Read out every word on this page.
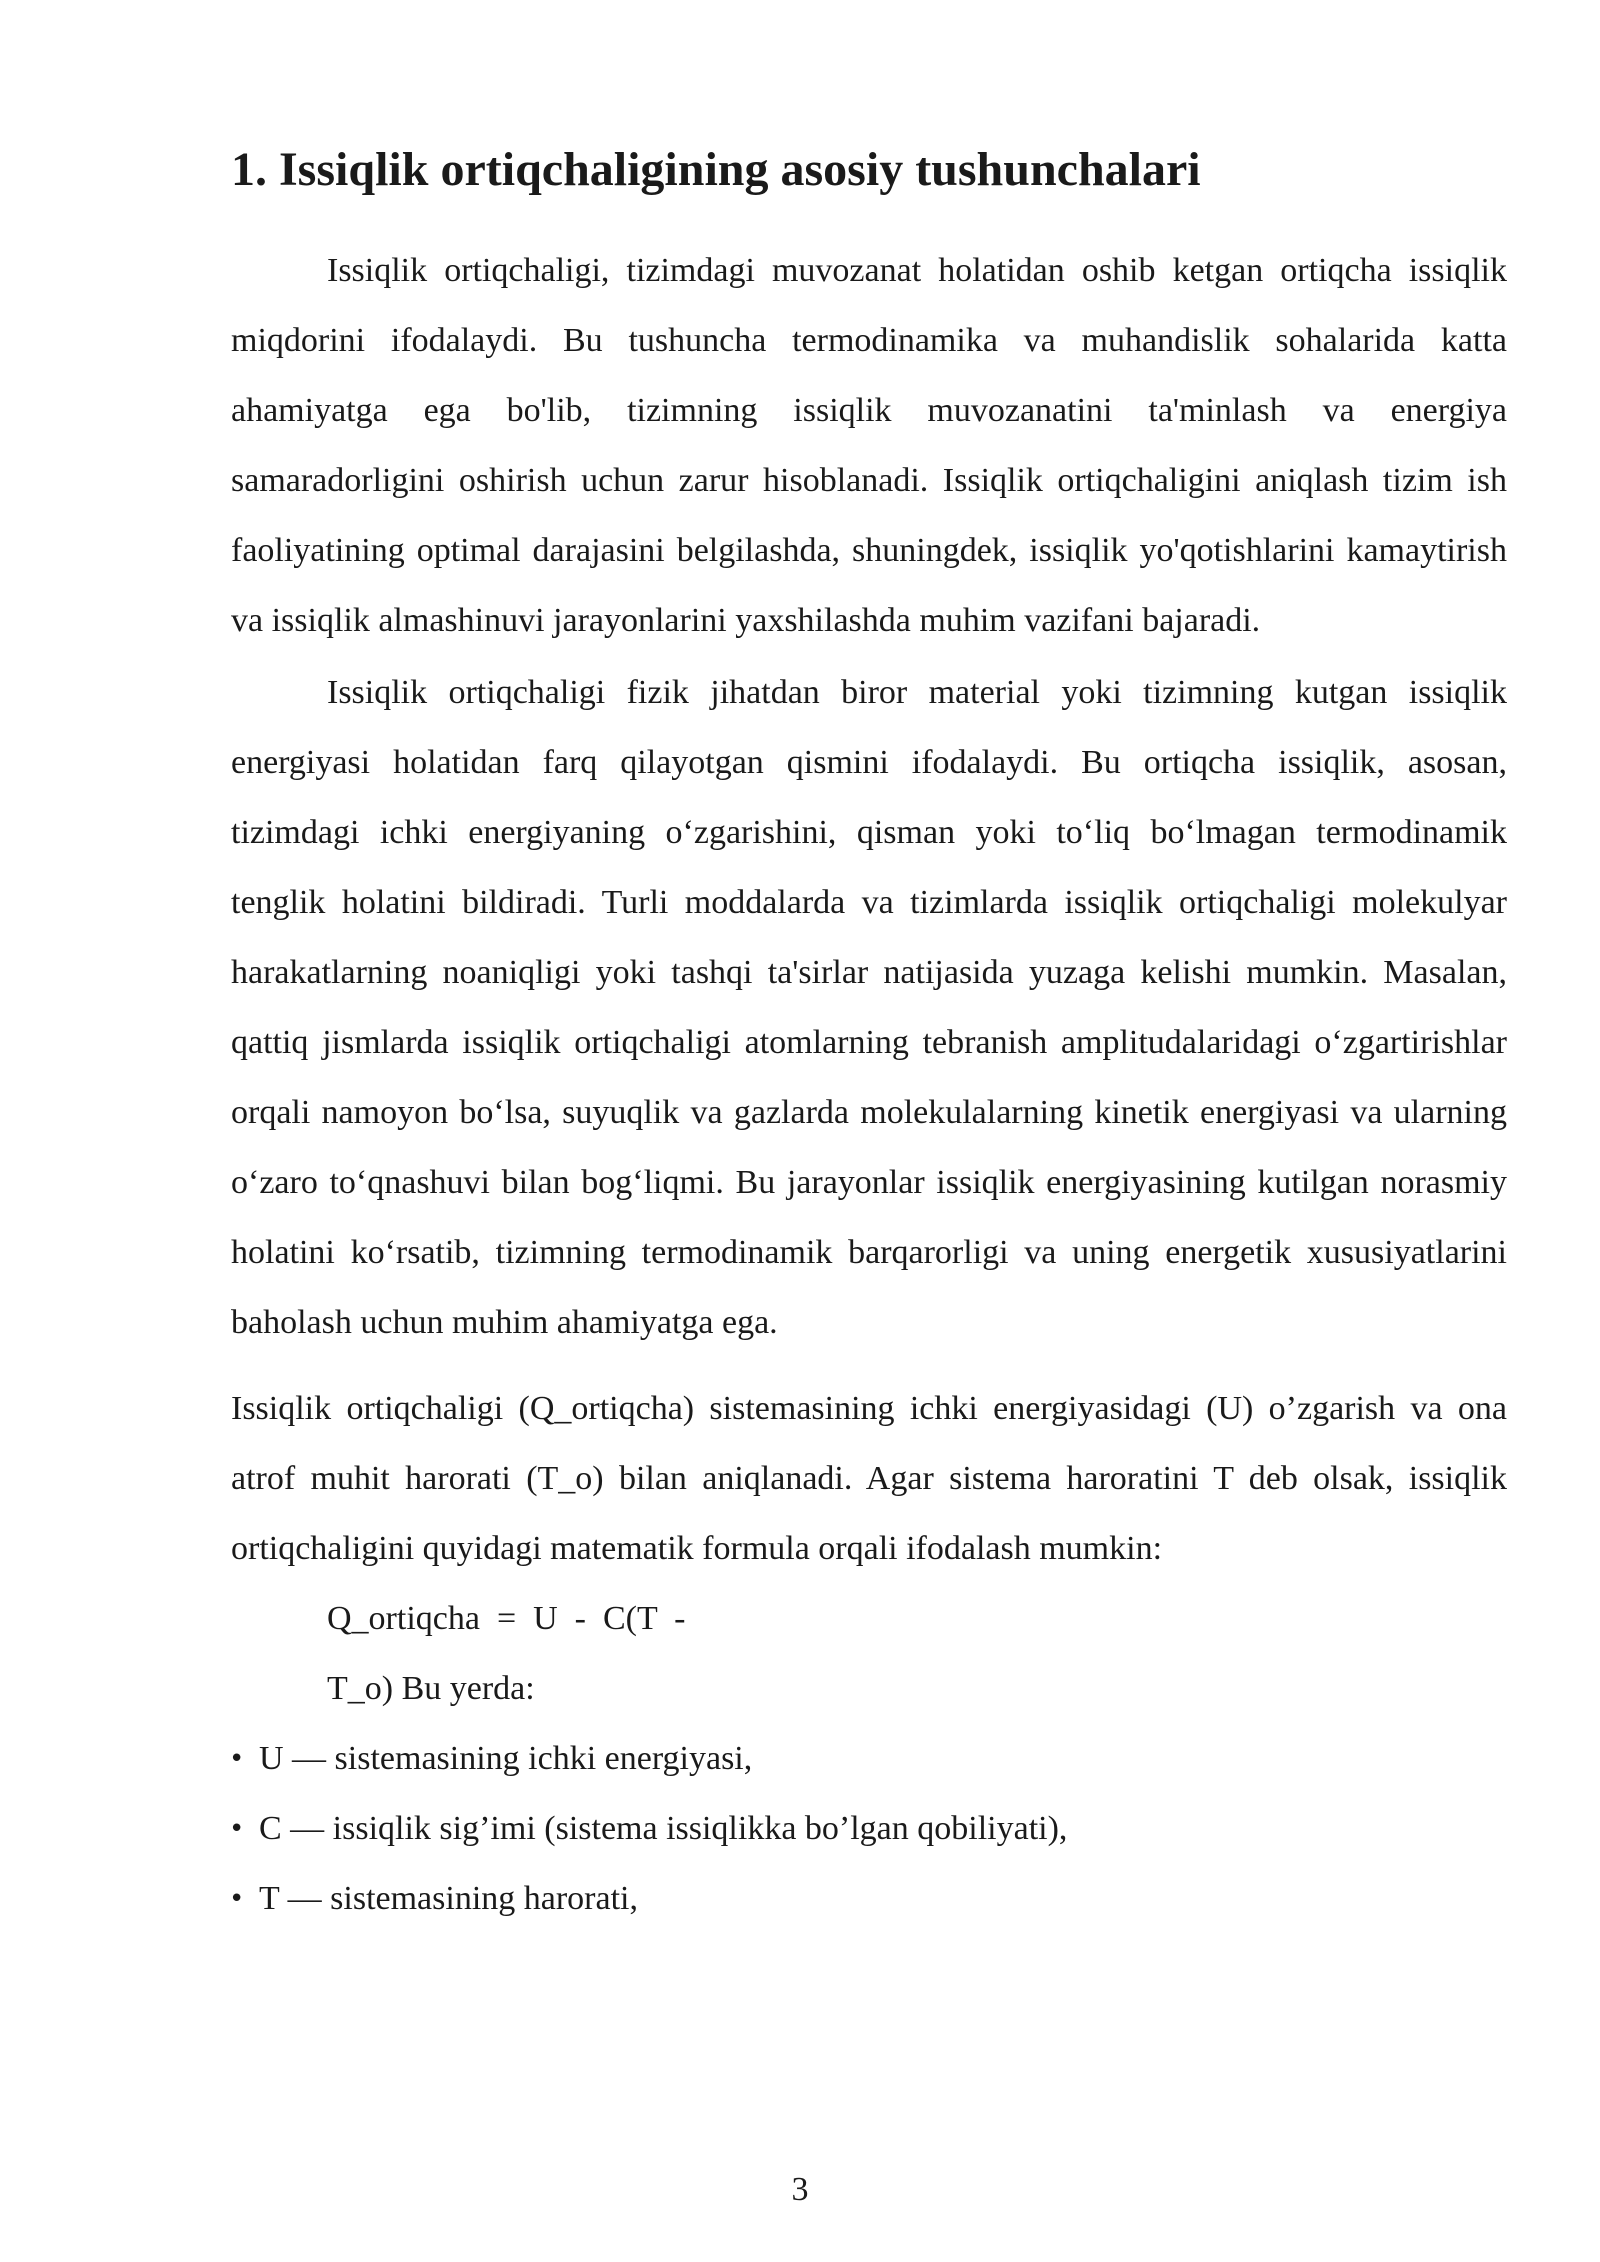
1. Issiqlik ortiqchaligining asosiy tushunchalari

Issiqlik ortiqchaligi, tizimdagi muvozanat holatidan oshib ketgan ortiqcha issiqlik miqdorini ifodalaydi. Bu tushuncha termodinamika va muhandislik sohalarida katta ahamiyatga ega bo'lib, tizimning issiqlik muvozanatini ta'minlash va energiya samaradorligini oshirish uchun zarur hisoblanadi. Issiqlik ortiqchaligini aniqlash tizim ish faoliyatining optimal darajasini belgilashda, shuningdek, issiqlik yo'qotishlarini kamaytirish va issiqlik almashinuvi jarayonlarini yaxshilashda muhim vazifani bajaradi.

Issiqlik ortiqchaligi fizik jihatdan biror material yoki tizimning kutgan issiqlik energiyasi holatidan farq qilayotgan qismini ifodalaydi. Bu ortiqcha issiqlik, asosan, tizimdagi ichki energiyaning o‘zgarishini, qisman yoki to‘liq bo‘lmagan termodinamik tenglik holatini bildiradi. Turli moddalarda va tizimlarda issiqlik ortiqchaligi molekulyar harakatlarning noaniqligi yoki tashqi ta'sirlar natijasida yuzaga kelishi mumkin. Masalan, qattiq jismlarda issiqlik ortiqchaligi atomlarning tebranish amplitudalaridagi o‘zgartirishlar orqali namoyon bo‘lsa, suyuqlik va gazlarda molekulalarning kinetik energiyasi va ularning o‘zaro to‘qnashuvi bilan bog‘liqmi. Bu jarayonlar issiqlik energiyasining kutilgan norasmiy holatini ko‘rsatib, tizimning termodinamik barqarorligi va uning energetik xususiyatlarini baholash uchun muhim ahamiyatga ega.

Issiqlik ortiqchaligi (Q_ortiqcha) sistemasining ichki energiyasidagi (U) o’zgarish va ona atrof muhit harorati (T_o) bilan aniqlanadi. Agar sistema haroratini T deb olsak, issiqlik ortiqchaligini quyidagi matematik formula orqali ifodalash mumkin:

Q_ortiqcha  =  U  -  C(T  -

T_o) Bu yerda:

• U — sistemasining ichki energiyasi,
• C — issiqlik sig’imi (sistema issiqlikka bo’lgan qobiliyati),
• T — sistemasining harorati,
3
